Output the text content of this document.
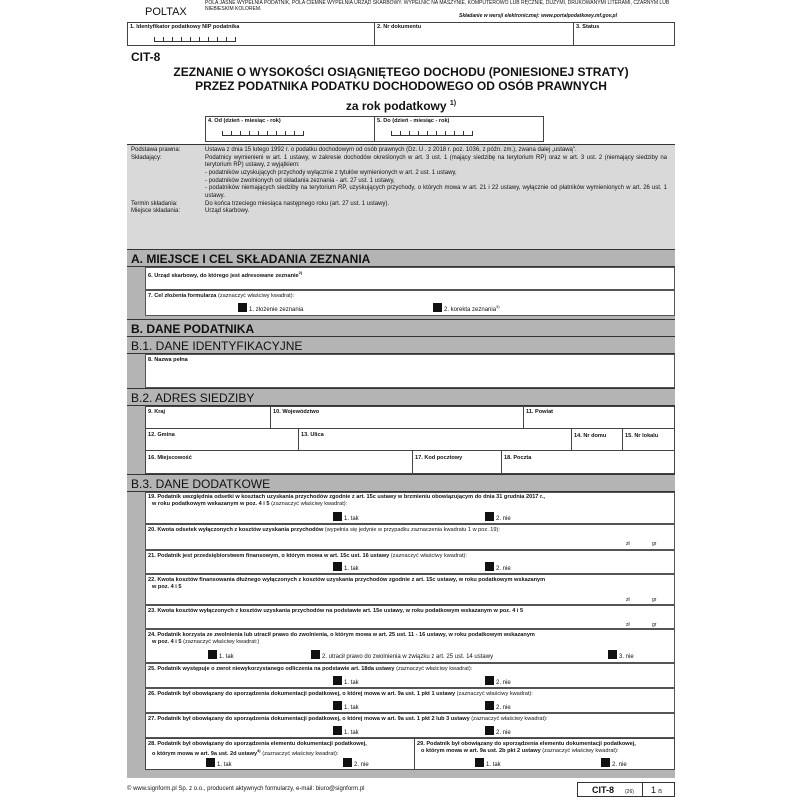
POLTAX
POLA JASNE WYPEŁNIA PODATNIK, POLA CIEMNE WYPEŁNIA URZĄD SKARBOWY. WYPEŁNIĆ NA MASZYNIE, KOMPUTEROWO LUB RĘCZNIE, DUŻYMI, DRUKOWANYMI LITERAMI, CZARNYM LUB NIEBIESKIM KOLOREM.
Składanie w wersji elektronicznej: www.portalpodatkowy.mf.gov.pl
1. Identyfikator podatkowy NIP podatnika	2. Nr dokumentu	3. Status
CIT-8
ZEZNANIE O WYSOKOŚCI OSIĄGNIĘTEGO DOCHODU (PONIESIONEJ STRATY)
PRZEZ PODATNIKA PODATKU DOCHODOWEGO OD OSÓB PRAWNYCH
za rok podatkowy $^{1)}$
4. Od (dzień - miesiąc - rok)	5. Do (dzień - miesiąc - rok)
Podstawa prawna:	Ustawa z dnia 15 lutego 1992 r. o podatku dochodowym od osób prawnych (Dz. U . z 2018 r. poz. 1036, z późn. zm.), zwana dalej „ustawą".
Składający:	Podatnicy wymienieni w art. 1 ustawy, w zakresie dochodów określonych w art. 3 ust. 1 (mający siedzibę na terytorium RP) oraz w art. 3 ust. 2 (niemający siedziby na terytorium RP) ustawy, z wyjątkiem:
- podatników uzyskujących przychody wyłącznie z tytułów wymienionych w art. 2 ust. 1 ustawy,
- podatników zwolnionych od składania zeznania - art. 27 ust. 1 ustawy,
- podatników niemających siedziby na terytorium RP, uzyskujących przychody, o których mowa w art. 21 i 22 ustawy, wyłącznie od płatników wymienionych w art. 26 ust. 1 ustawy.
Termin składania:	Do końca trzeciego miesiąca następnego roku (art. 27 ust. 1 ustawy).
Miejsce składania:	Urząd skarbowy.
A. MIEJSCE I CEL SKŁADANIA ZEZNANIA
6. Urząd skarbowy, do którego jest adresowane zeznanie$^{2)}$
7. Cel złożenia formularza (zaznaczyć właściwy kwadrat):
1. złożenie zeznania	2. korekta zeznania$^{3)}$
B. DANE PODATNIKA
B.1. DANE IDENTYFIKACYJNE
8. Nazwa pełna
B.2. ADRES SIEDZIBY
9. Kraj	10. Województwo	11. Powiat
12. Gmina	13. Ulica	14. Nr domu	15. Nr lokalu
16. Miejscowość	17. Kod pocztowy	18. Poczta
B.3. DANE DODATKOWE
19. Podatnik uwzględnia odsetki w kosztach uzyskania przychodów zgodnie z art. 15c ustawy w brzmieniu obowiązującym do dnia 31 grudnia 2017 r.,
w roku podatkowym wskazanym w poz. 4 i 5 (zaznaczyć właściwy kwadrat):
1. tak	2. nie
20. Kwota odsetek wyłączonych z kosztów uzyskania przychodów (wypełnia się jedynie w przypadku zaznaczenia kwadratu 1 w poz. 19):
zł	gr
21. Podatnik jest przedsiębiorstwem finansowym, o którym mowa w art. 15c ust. 16 ustawy (zaznaczyć właściwy kwadrat):
1. tak	2. nie
22. Kwota kosztów finansowania dłużnego wyłączonych z kosztów uzyskania przychodów zgodnie z art. 15c ustawy, w roku podatkowym wskazanym
w poz. 4 i 5
zł	gr
23. Kwota kosztów wyłączonych z kosztów uzyskania przychodów na podstawie art. 15e ustawy, w roku podatkowym wskazanym w poz. 4 i 5
zł	gr
24. Podatnik korzysta ze zwolnienia lub utracił prawo do zwolnienia, o którym mowa w art. 25 ust. 11 - 16 ustawy, w roku podatkowym wskazanym
w poz. 4 i 5 (zaznaczyć właściwy kwadrat:)
1. tak	2. utracił prawo do zwolnienia w związku z art. 25 ust. 14 ustawy	3. nie
25. Podatnik występuje o zwrot niewykorzystanego odliczenia na podstawie art. 18da ustawy (zaznaczyć właściwy kwadrat):
1. tak	2. nie
26. Podatnik był obowiązany do sporządzenia dokumentacji podatkowej, o której mowa w art. 9a ust. 1 pkt 1 ustawy (zaznaczyć właściwy kwadrat):
1. tak	2. nie
27. Podatnik był obowiązany do sporządzenia dokumentacji podatkowej, o której mowa w art. 9a ust. 1 pkt 2 lub 3 ustawy (zaznaczyć właściwy kwadrat):
1. tak	2. nie
28. Podatnik był obowiązany do sporządzenia elementu dokumentacji podatkowej,
o którym mowa w art. 9a ust. 2d ustawy$^{4)}$ (zaznaczyć właściwy kwadrat):
1. tak	2. nie
29. Podatnik był obowiązany do sporządzenia elementu dokumentacji podatkowej,
o którym mowa w art. 9a ust. 2b pkt 2 ustawy (zaznaczyć właściwy kwadrat):
1. tak	2. nie
© www.signform.pl Sp. z o.o., producent aktywnych formularzy, e-mail: biuro@signform.pl	CIT-8 (26) 1 /5
